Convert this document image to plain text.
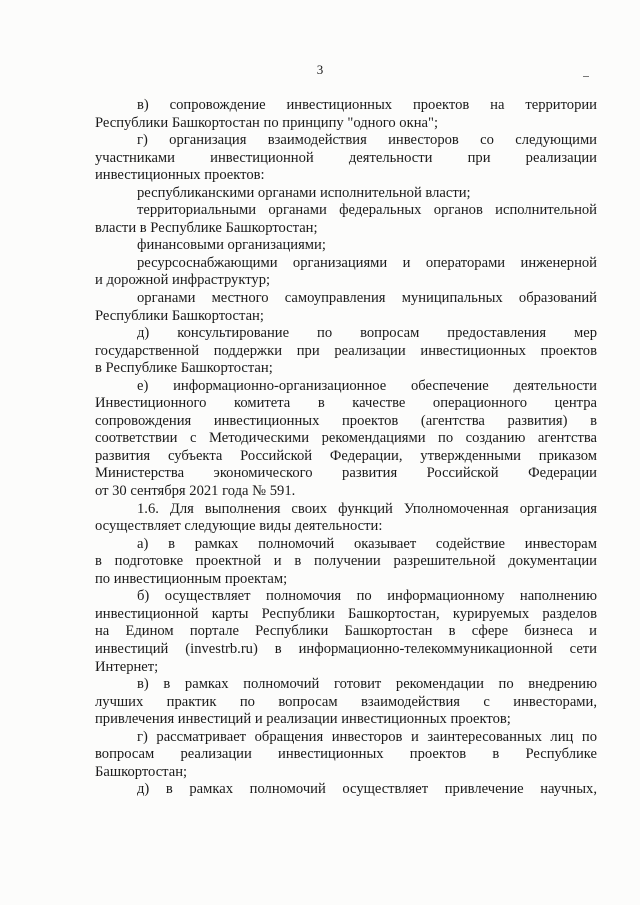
3
в) сопровождение инвестиционных проектов на территории
Республики Башкортостан по принципу "одного окна";
г) организация взаимодействия инвесторов со следующими
участниками инвестиционной деятельности при реализации
инвестиционных проектов:
республиканскими органами исполнительной власти;
территориальными органами федеральных органов исполнительной
власти в Республике Башкортостан;
финансовыми организациями;
ресурсоснабжающими организациями и операторами инженерной
и дорожной инфраструктур;
органами местного самоуправления муниципальных образований
Республики Башкортостан;
д) консультирование по вопросам предоставления мер
государственной поддержки при реализации инвестиционных проектов
в Республике Башкортостан;
е) информационно-организационное обеспечение деятельности
Инвестиционного комитета в качестве операционного центра
сопровождения инвестиционных проектов (агентства развития) в
соответствии с Методическими рекомендациями по созданию агентства
развития субъекта Российской Федерации, утвержденными приказом
Министерства экономического развития Российской Федерации
от 30 сентября 2021 года № 591.
1.6. Для выполнения своих функций Уполномоченная организация
осуществляет следующие виды деятельности:
а) в рамках полномочий оказывает содействие инвесторам
в подготовке проектной и в получении разрешительной документации
по инвестиционным проектам;
б) осуществляет полномочия по информационному наполнению
инвестиционной карты Республики Башкортостан, курируемых разделов
на Едином портале Республики Башкортостан в сфере бизнеса и
инвестиций (investrb.ru) в информационно-телекоммуникационной сети
Интернет;
в) в рамках полномочий готовит рекомендации по внедрению
лучших практик по вопросам взаимодействия с инвесторами,
привлечения инвестиций и реализации инвестиционных проектов;
г) рассматривает обращения инвесторов и заинтересованных лиц по
вопросам реализации инвестиционных проектов в Республике
Башкортостан;
д) в рамках полномочий осуществляет привлечение научных,
